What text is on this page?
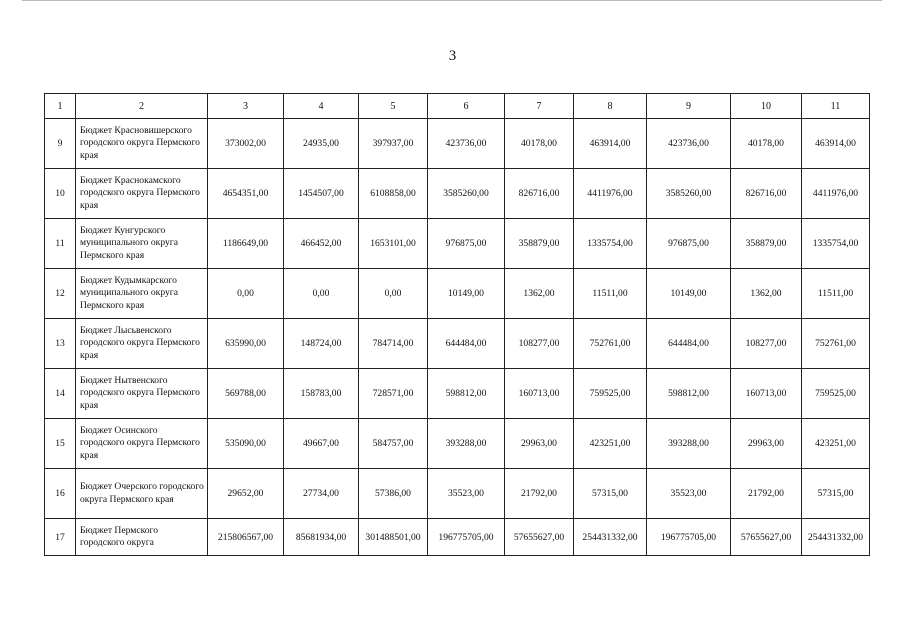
3
1	2	3	4	5	6	7	8	9	10	11
9	Бюджет Красновишерского городского округа Пермского края	373002,00	24935,00	397937,00	423736,00	40178,00	463914,00	423736,00	40178,00	463914,00
10	Бюджет Краснокамского городского округа Пермского края	4654351,00	1454507,00	6108858,00	3585260,00	826716,00	4411976,00	3585260,00	826716,00	4411976,00
11	Бюджет Кунгурского муниципального округа Пермского края	1186649,00	466452,00	1653101,00	976875,00	358879,00	1335754,00	976875,00	358879,00	1335754,00
12	Бюджет Кудымкарского муниципального округа Пермского края	0,00	0,00	0,00	10149,00	1362,00	11511,00	10149,00	1362,00	11511,00
13	Бюджет Лысьвенского городского округа Пермского края	635990,00	148724,00	784714,00	644484,00	108277,00	752761,00	644484,00	108277,00	752761,00
14	Бюджет Нытвенского городского округа Пермского края	569788,00	158783,00	728571,00	598812,00	160713,00	759525,00	598812,00	160713,00	759525,00
15	Бюджет Осинского городского округа Пермского края	535090,00	49667,00	584757,00	393288,00	29963,00	423251,00	393288,00	29963,00	423251,00
16	Бюджет Очерского городского округа Пермского края	29652,00	27734,00	57386,00	35523,00	21792,00	57315,00	35523,00	21792,00	57315,00
17	Бюджет Пермского городского округа	215806567,00	85681934,00	301488501,00	196775705,00	57655627,00	254431332,00	196775705,00	57655627,00	254431332,00
